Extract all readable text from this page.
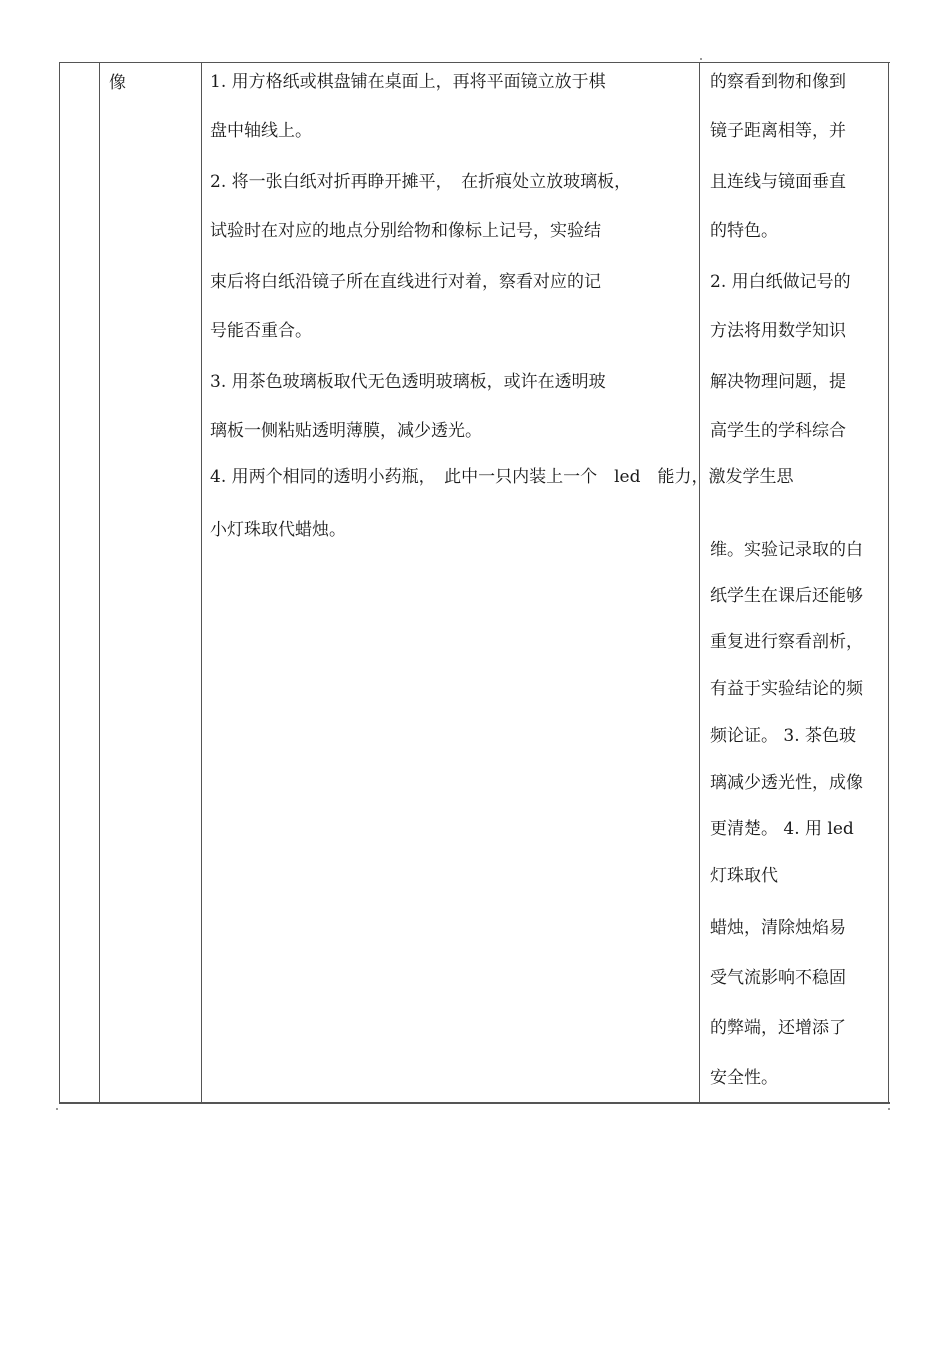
像	1. 用方格纸或棋盘铺在桌面上，再将平面镜立放于棋
盘中轴线上。
2. 将一张白纸对折再睁开摊平，　在折痕处立放玻璃板，
试验时在对应的地点分别给物和像标上记号，实验结
束后将白纸沿镜子所在直线进行对着，察看对应的记
号能否重合。
3. 用茶色玻璃板取代无色透明玻璃板，或许在透明玻
璃板一侧粘贴透明薄膜，减少透光。
4. 用两个相同的透明小药瓶，　此中一只内装上一个　led　能力，激发学生思
小灯珠取代蜡烛。
的察看到物和像到
镜子距离相等，并
且连线与镜面垂直
的特色。
2. 用白纸做记号的
方法将用数学知识
解决物理问题，提
高学生的学科综合
维。实验记录取的白
纸学生在课后还能够
重复进行察看剖析，
有益于实验结论的频
频论证。 3. 茶色玻
璃减少透光性，成像
更清楚。 4. 用 led
灯珠取代
蜡烛，清除烛焰易
受气流影响不稳固
的弊端，还增添了
安全性。
